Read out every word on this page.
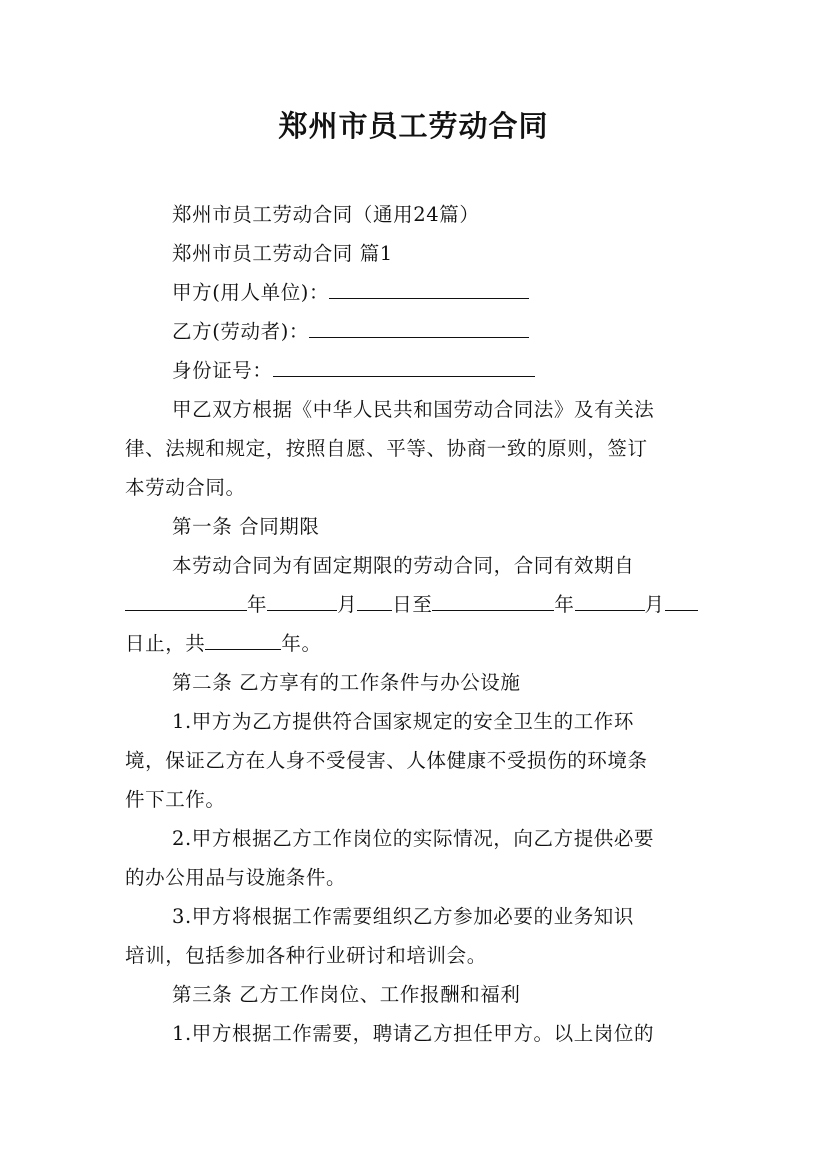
郑州市员工劳动合同
郑州市员工劳动合同（通用24篇）
郑州市员工劳动合同 篇1
甲方(用人单位)：
乙方(劳动者)：
身份证号：
甲乙双方根据《中华人民共和国劳动合同法》及有关法
律、法规和规定，按照自愿、平等、协商一致的原则，签订
本劳动合同。
第一条 合同期限
本劳动合同为有固定期限的劳动合同，合同有效期自
年	月 日至	年	月
日止，共	年。
第二条 乙方享有的工作条件与办公设施
1.甲方为乙方提供符合国家规定的安全卫生的工作环
境，保证乙方在人身不受侵害、人体健康不受损伤的环境条
件下工作。
2.甲方根据乙方工作岗位的实际情况，向乙方提供必要
的办公用品与设施条件。
3.甲方将根据工作需要组织乙方参加必要的业务知识
培训，包括参加各种行业研讨和培训会。
第三条 乙方工作岗位、工作报酬和福利
1.甲方根据工作需要，聘请乙方担任甲方。以上岗位的
